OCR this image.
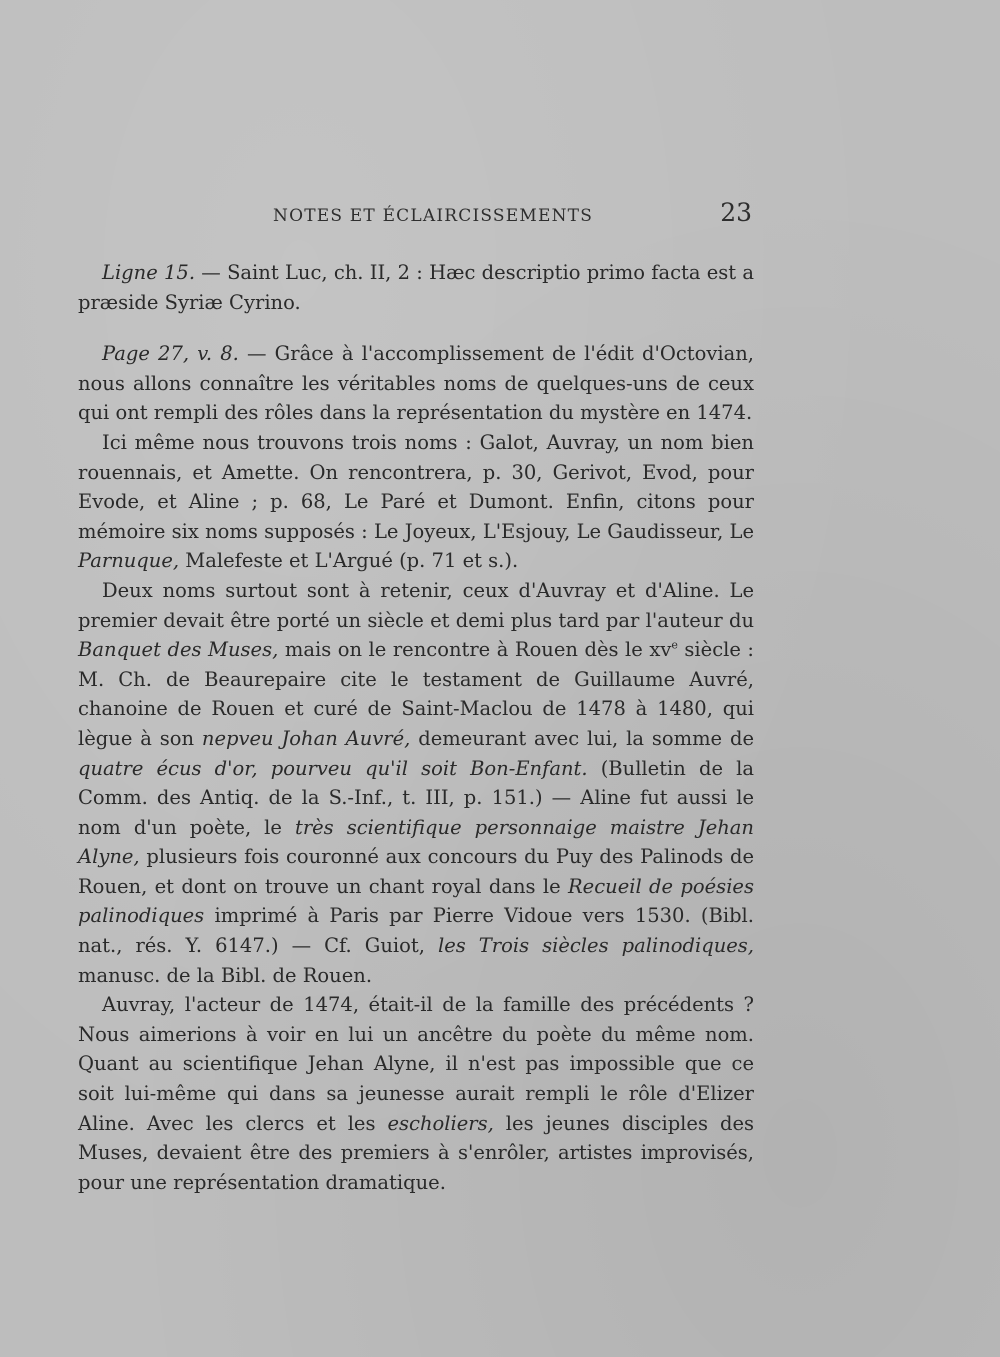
NOTES ET ÉCLAIRCISSEMENTS	23

Ligne 15. — Saint Luc, ch. II, 2 : Hæc descriptio primo facta est a præside Syriæ Cyrino.

Page 27, v. 8. — Grâce à l'accomplissement de l'édit d'Octovian, nous allons connaître les véritables noms de quelques-uns de ceux qui ont rempli des rôles dans la représentation du mystère en 1474.

Ici même nous trouvons trois noms : Galot, Auvray, un nom bien rouennais, et Amette. On rencontrera, p. 30, Gerivot, Evod, pour Evode, et Aline ; p. 68, Le Paré et Dumont. Enfin, citons pour mémoire six noms supposés : Le Joyeux, L'Esjouy, Le Gaudisseur, Le Parnuque, Malefeste et L'Argué (p. 71 et s.).

Deux noms surtout sont à retenir, ceux d'Auvray et d'Aline. Le premier devait être porté un siècle et demi plus tard par l'auteur du Banquet des Muses, mais on le rencontre à Rouen dès le $xv^e$ siècle : M. Ch. de Beaurepaire cite le testament de Guillaume Auvré, chanoine de Rouen et curé de Saint-Maclou de 1478 à 1480, qui lègue à son nepveu Johan Auvré, demeurant avec lui, la somme de quatre écus d'or, pourveu qu'il soit Bon-Enfant. (Bulletin de la Comm. des Antiq. de la S.-Inf., t. III, p. 151.) — Aline fut aussi le nom d'un poète, le très scientifique personnaige maistre Jehan Alyne, plusieurs fois couronné aux concours du Puy des Palinods de Rouen, et dont on trouve un chant royal dans le Recueil de poésies palinodiques imprimé à Paris par Pierre Vidoue vers 1530. (Bibl. nat., rés. Y. 6147.) — Cf. Guiot, les Trois siècles palinodiques, manusc. de la Bibl. de Rouen.

Auvray, l'acteur de 1474, était-il de la famille des précédents ? Nous aimerions à voir en lui un ancêtre du poète du même nom. Quant au scientifique Jehan Alyne, il n'est pas impossible que ce soit lui-même qui dans sa jeunesse aurait rempli le rôle d'Elizer Aline. Avec les clercs et les escholiers, les jeunes disciples des Muses, devaient être des premiers à s'enrôler, artistes improvisés, pour une représentation dramatique.
